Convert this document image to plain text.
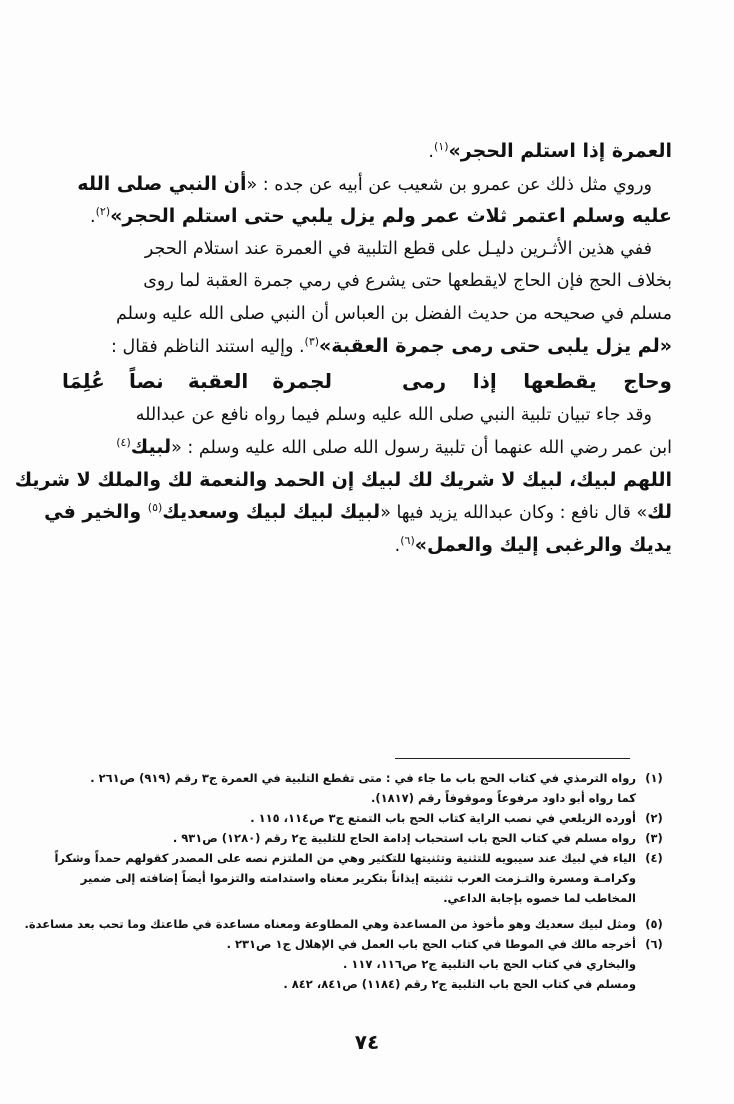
العمرة إذا استلم الحجر»$^{(١)}$.
وروي مثل ذلك عن عمرو بن شعيب عن أبيه عن جده : «أن النبي صلى الله
عليه وسلم اعتمر ثلاث عمر ولم يزل يلبي حتى استلم الحجر»$^{(٢)}$.
ففي هذين الأثـرين دليـل على قطع التلبية في العمرة عند استلام الحجر
بخلاف الحج فإن الحاج لايقطعها حتى يشرع في رمي جمرة العقبة لما روى
مسلم في صحيحه من حديث الفضل بن العباس أن النبي صلى الله عليه وسلم
«لم يزل يلبى حتى رمى جمرة العقبة»$^{(٣)}$. وإليه استند الناظم فقال :
وحاج
يقطعها
إذا
رمى
لجمرة
العقبة
نصاً
عُلِمَا
وقد جاء تبيان تلبية النبي صلى الله عليه وسلم فيما رواه نافع عن عبدالله
ابن عمر رضي الله عنهما أن تلبية رسول الله صلى الله عليه وسلم : «لبيك$^{(٤)}$
اللهم لبيك، لبيك لا شريك لك لبيك إن الحمد والنعمة لك والملك لا شريك
لك» قال نافع : وكان عبدالله يزيد فيها «لبيك لبيك لبيك وسعديك$^{(٥)}$ والخير في
يديك والرغبى إليك والعمل»$^{(٦)}$.
(١)
رواه الترمذي في كتاب الحج باب ما جاء في : متى تقطع التلبية في العمرة ج٣ رقم (٩١٩) ص٢٦١ .
كما رواه أبو داود مرفوعاً وموقوفاً رقم (١٨١٧).
(٢)
أورده الزيلعي في نصب الراية كتاب الحج باب التمتع ج٣ ص١١٤، ١١٥ .
(٣)
رواه مسلم في كتاب الحج باب استحباب إدامة الحاج للتلبية ج٢ رقم (١٢٨٠) ص٩٣١ .
(٤)
الياء في لبيك عند سيبويه للتثنية وتثنيتها للتكثير وهي من الملتزم نصه على المصدر كقولهم حمداً وشكراً
وكرامـة ومسرة والتـزمت العرب تثنيته إيذاناً بتكرير معناه واستدامته والتزموا أيضاً إضافته إلى ضمير
المخاطب لما خصوه بإجابة الداعي.
(٥)
ومثل لبيك سعديك وهو مأخوذ من المساعدة وهي المطاوعة ومعناه مساعدة في طاعتك وما تحب بعد مساعدة.
(٦)
أخرجه مالك في الموطا في كتاب الحج باب العمل في الإهلال ج١ ص٢٣١ .
والبخاري في كتاب الحج باب التلبية ج٢ ص١١٦، ١١٧ .
ومسلم في كتاب الحج باب التلبية ج٢ رقم (١١٨٤) ص٨٤١، ٨٤٢ .
٧٤
